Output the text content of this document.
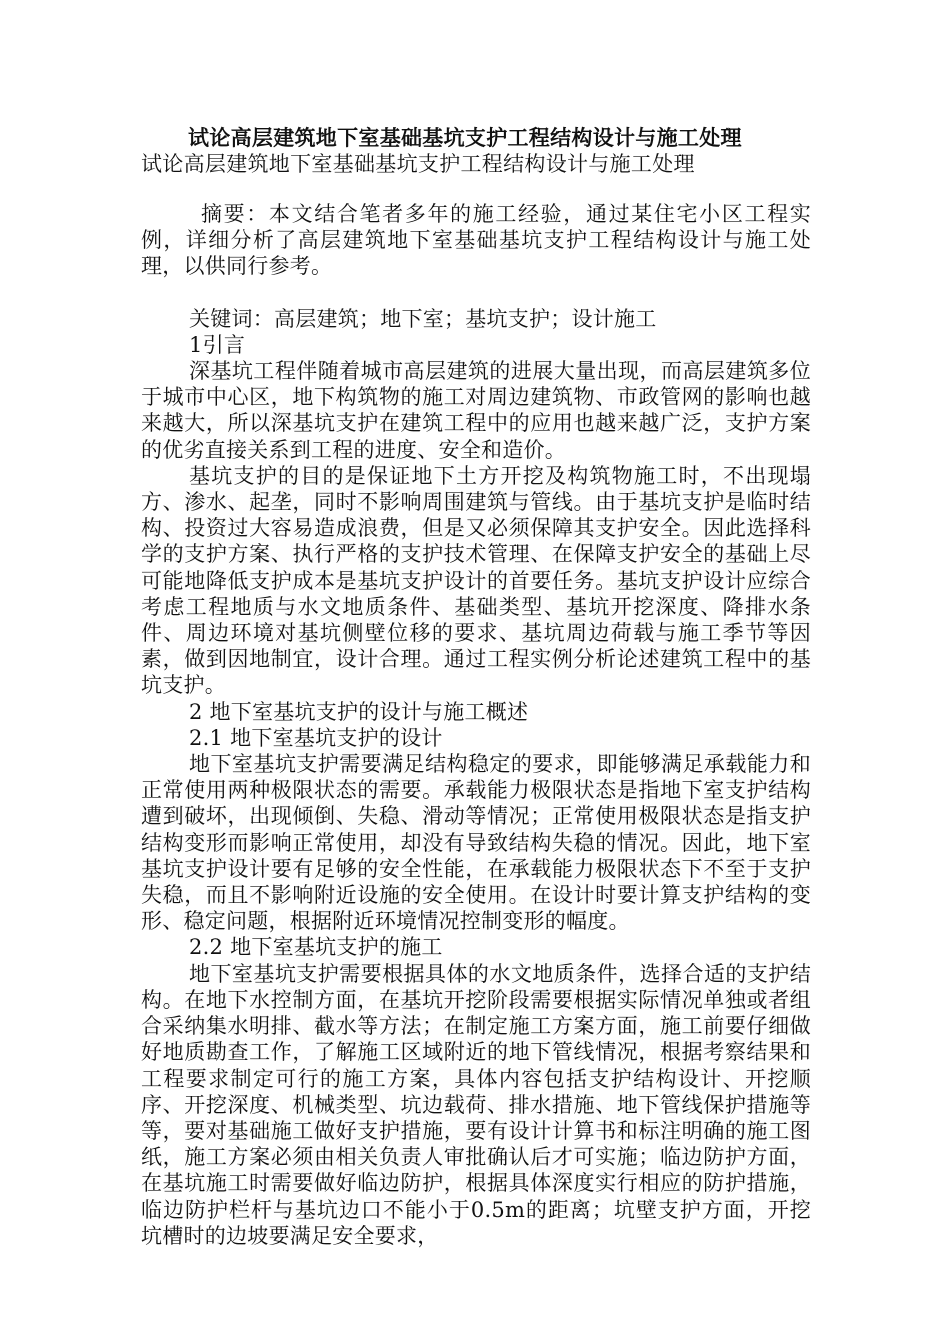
试论高层建筑地下室基础基坑支护工程结构设计与施工处理
试论高层建筑地下室基础基坑支护工程结构设计与施工处理

摘要：本文结合笔者多年的施工经验，通过某住宅小区工程实例，详细分析了高层建筑地下室基础基坑支护工程结构设计与施工处理，以供同行参考。

关键词：高层建筑；地下室；基坑支护；设计施工

1引言

深基坑工程伴随着城市高层建筑的进展大量出现，而高层建筑多位于城市中心区，地下构筑物的施工对周边建筑物、市政管网的影响也越来越大，所以深基坑支护在建筑工程中的应用也越来越广泛，支护方案的优劣直接关系到工程的进度、安全和造价。

基坑支护的目的是保证地下土方开挖及构筑物施工时，不出现塌方、渗水、起垄，同时不影响周围建筑与管线。由于基坑支护是临时结构、投资过大容易造成浪费，但是又必须保障其支护安全。因此选择科学的支护方案、执行严格的支护技术管理、在保障支护安全的基础上尽可能地降低支护成本是基坑支护设计的首要任务。基坑支护设计应综合考虑工程地质与水文地质条件、基础类型、基坑开挖深度、降排水条件、周边环境对基坑侧壁位移的要求、基坑周边荷载与施工季节等因素，做到因地制宜，设计合理。通过工程实例分析论述建筑工程中的基坑支护。

2 地下室基坑支护的设计与施工概述

2.1 地下室基坑支护的设计

地下室基坑支护需要满足结构稳定的要求，即能够满足承载能力和正常使用两种极限状态的需要。承载能力极限状态是指地下室支护结构遭到破坏，出现倾倒、失稳、滑动等情况；正常使用极限状态是指支护结构变形而影响正常使用，却没有导致结构失稳的情况。因此，地下室基坑支护设计要有足够的安全性能，在承载能力极限状态下不至于支护失稳，而且不影响附近设施的安全使用。在设计时要计算支护结构的变形、稳定问题，根据附近环境情况控制变形的幅度。

2.2 地下室基坑支护的施工

地下室基坑支护需要根据具体的水文地质条件，选择合适的支护结构。在地下水控制方面，在基坑开挖阶段需要根据实际情况单独或者组合采纳集水明排、截水等方法；在制定施工方案方面，施工前要仔细做好地质勘查工作，了解施工区域附近的地下管线情况，根据考察结果和工程要求制定可行的施工方案，具体内容包括支护结构设计、开挖顺序、开挖深度、机械类型、坑边载荷、排水措施、地下管线保护措施等等，要对基础施工做好支护措施，要有设计计算书和标注明确的施工图纸，施工方案必须由相关负责人审批确认后才可实施；临边防护方面，在基坑施工时需要做好临边防护，根据具体深度实行相应的防护措施，临边防护栏杆与基坑边口不能小于0.5m的距离；坑壁支护方面，开挖坑槽时的边坡要满足安全要求，
